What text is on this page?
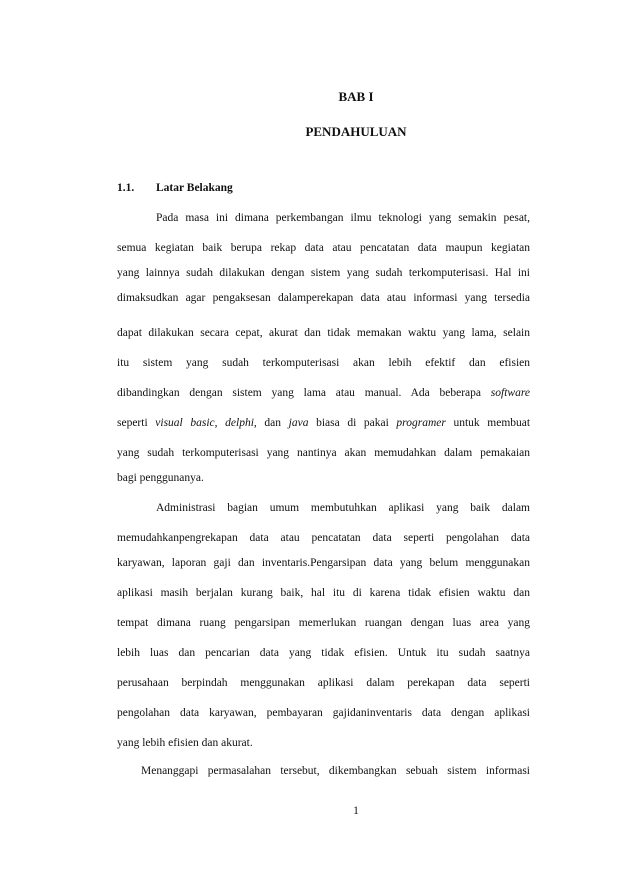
BAB I
PENDAHULUAN
1.1. Latar Belakang
Pada masa ini dimana perkembangan ilmu teknologi yang semakin pesat,
semua kegiatan baik berupa rekap data atau pencatatan data maupun kegiatan
yang lainnya sudah dilakukan dengan sistem yang sudah terkomputerisasi. Hal ini
dimaksudkan agar pengaksesan dalamperekapan data atau informasi yang tersedia
dapat dilakukan secara cepat, akurat dan tidak memakan waktu yang lama, selain
itu sistem yang sudah terkomputerisasi akan lebih efektif dan efisien
dibandingkan dengan sistem yang lama atau manual. Ada beberapa software
seperti visual basic, delphi, dan java biasa di pakai programer untuk membuat
yang sudah terkomputerisasi yang nantinya akan memudahkan dalam pemakaian
bagi penggunanya.
Administrasi bagian umum membutuhkan aplikasi yang baik dalam
memudahkanpengrekapan data atau pencatatan data seperti pengolahan data
karyawan, laporan gaji dan inventaris.Pengarsipan data yang belum menggunakan
aplikasi masih berjalan kurang baik, hal itu di karena tidak efisien waktu dan
tempat dimana ruang pengarsipan memerlukan ruangan dengan luas area yang
lebih luas dan pencarian data yang tidak efisien. Untuk itu sudah saatnya
perusahaan berpindah menggunakan aplikasi dalam perekapan data seperti
pengolahan data karyawan, pembayaran gajidaninventaris data dengan aplikasi
yang lebih efisien dan akurat.
Menanggapi permasalahan tersebut, dikembangkan sebuah sistem informasi
1
